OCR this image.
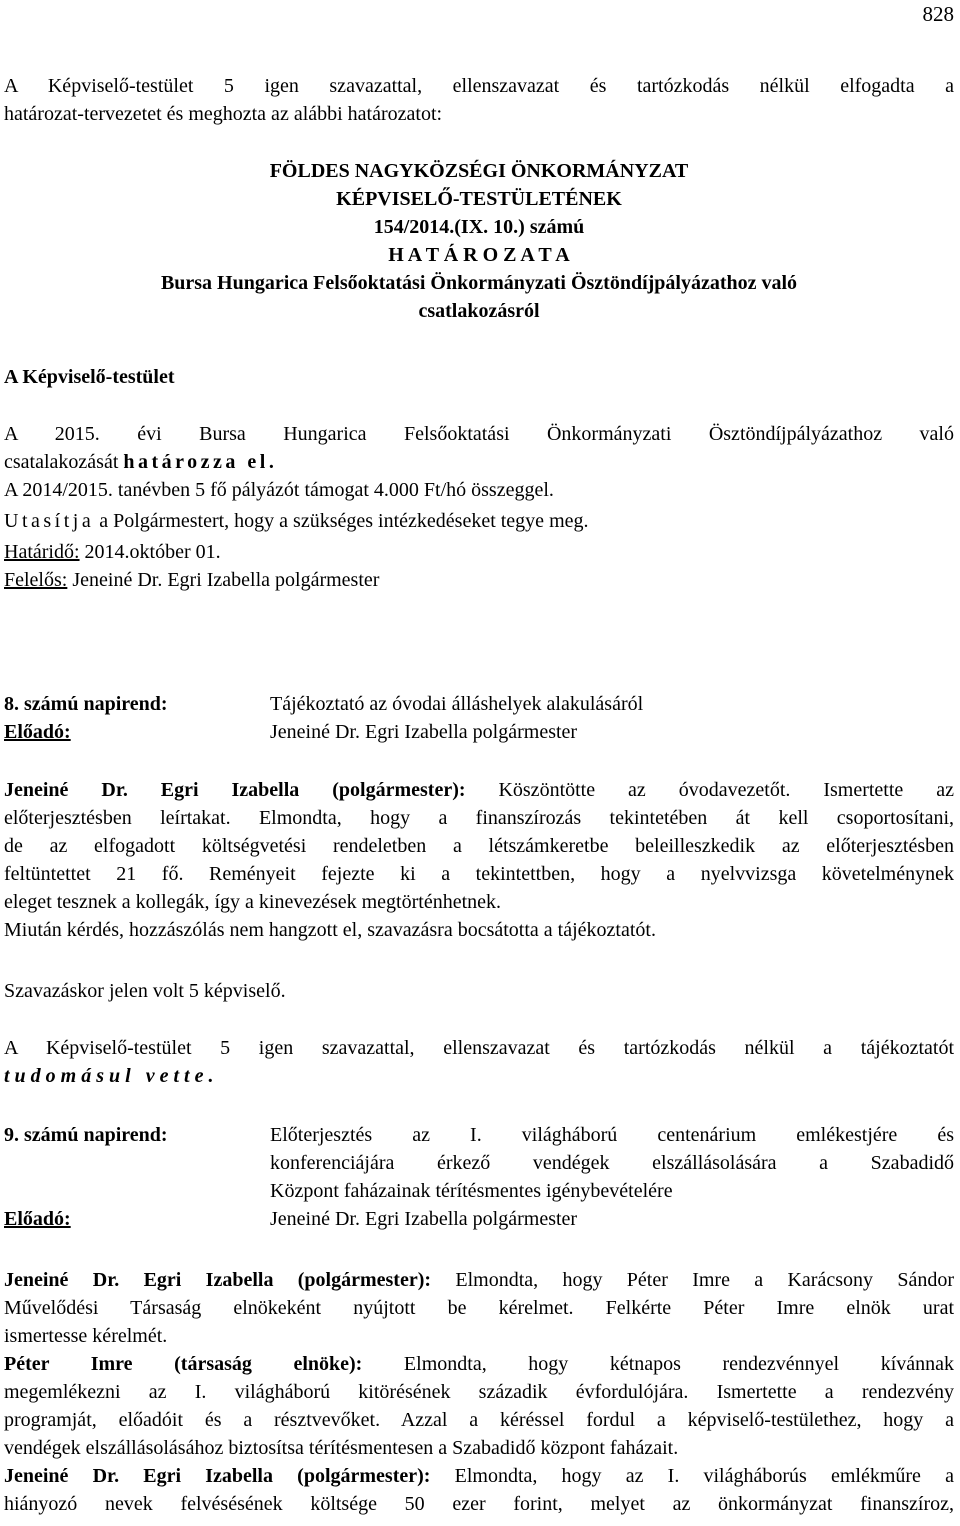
828

A Képviselő-testület 5 igen szavazattal, ellenszavazat és tartózkodás nélkül elfogadta a

határozat-tervezetet és meghozta az alábbi határozatot:

FÖLDES NAGYKÖZSÉGI ÖNKORMÁNYZAT

KÉPVISELŐ-TESTÜLETÉNEK

154/2014.(IX. 10.) számú

H A T Á R O Z A T A

Bursa Hungarica Felsőoktatási Önkormányzati Ösztöndíjpályázathoz való

csatlakozásról

A Képviselő-testület

A 2015. évi Bursa Hungarica Felsőoktatási Önkormányzati Ösztöndíjpályázathoz való

csatalakozását határozza el.

A 2014/2015. tanévben 5 fő pályázót támogat 4.000 Ft/hó összeggel.

Utasítja a Polgármestert, hogy a szükséges intézkedéseket tegye meg.

Határidő: 2014.október 01.

Felelős: Jeneiné Dr. Egri Izabella polgármester

8. számú napirend:	Tájékoztató az óvodai álláshelyek alakulásáról
Előadó:	Jeneiné Dr. Egri Izabella polgármester

Jeneiné Dr. Egri Izabella (polgármester): Köszöntötte az óvodavezetőt. Ismertette az

előterjesztésben leírtakat. Elmondta, hogy a finanszírozás tekintetében át kell csoportosítani,

de az elfogadott költségvetési rendeletben a létszámkeretbe beleilleszkedik az előterjesztésben

feltüntettet 21 fő. Reményeit fejezte ki a tekintettben, hogy a nyelvvizsga követelménynek

eleget tesznek a kollegák, így a kinevezések megtörténhetnek.

Miután kérdés, hozzászólás nem hangzott el, szavazásra bocsátotta a tájékoztatót.

Szavazáskor jelen volt 5 képviselő.

A Képviselő-testület 5 igen szavazattal, ellenszavazat és tartózkodás nélkül a tájékoztatót

tudomásul vette.

9. számú napirend:	Előterjesztés az I. világháború centenárium emlékestjére és
konferenciájára érkező vendégek elszállásolására a Szabadidő
Központ faházainak térítésmentes igénybevételére
Előadó:	Jeneiné Dr. Egri Izabella polgármester

Jeneiné Dr. Egri Izabella (polgármester): Elmondta, hogy Péter Imre a Karácsony Sándor

Művelődési Társaság elnökeként nyújtott be kérelmet. Felkérte Péter Imre elnök urat

ismertesse kérelmét.

Péter Imre (társaság elnöke): Elmondta, hogy kétnapos rendezvénnyel kívánnak

megemlékezni az I. világháború kitörésének századik évfordulójára. Ismertette a rendezvény

programját, előadóit és a résztvevőket. Azzal a kéréssel fordul a képviselő-testülethez, hogy a

vendégek elszállásolásához biztosítsa térítésmentesen a Szabadidő központ faházait.

Jeneiné Dr. Egri Izabella (polgármester): Elmondta, hogy az I. világháborús emlékműre a

hiányozó nevek felvésésének költsége 50 ezer forint, melyet az önkormányzat finanszíroz,
